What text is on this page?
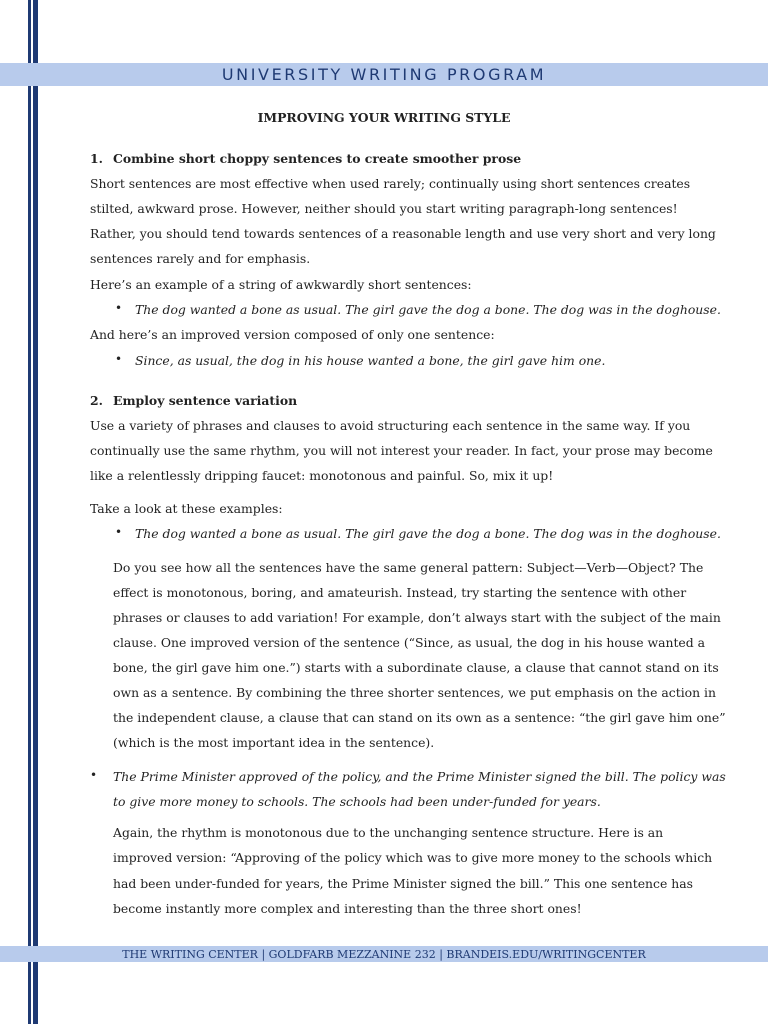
UNIVERSITY WRITING PROGRAM

IMPROVING YOUR WRITING STYLE

1. Combine short choppy sentences to create smoother prose

Short sentences are most effective when used rarely; continually using short sentences creates

stilted, awkward prose. However, neither should you start writing paragraph-long sentences!

Rather, you should tend towards sentences of a reasonable length and use very short and very long

sentences rarely and for emphasis.

Here’s an example of a string of awkwardly short sentences:

• The dog wanted a bone as usual. The girl gave the dog a bone. The dog was in the doghouse.

And here’s an improved version composed of only one sentence:

• Since, as usual, the dog in his house wanted a bone, the girl gave him one.

2. Employ sentence variation

Use a variety of phrases and clauses to avoid structuring each sentence in the same way. If you

continually use the same rhythm, you will not interest your reader. In fact, your prose may become

like a relentlessly dripping faucet: monotonous and painful. So, mix it up!

Take a look at these examples:

• The dog wanted a bone as usual. The girl gave the dog a bone. The dog was in the doghouse.

Do you see how all the sentences have the same general pattern: Subject—Verb—Object? The

effect is monotonous, boring, and amateurish. Instead, try starting the sentence with other

phrases or clauses to add variation! For example, don’t always start with the subject of the main

clause. One improved version of the sentence (“Since, as usual, the dog in his house wanted a

bone, the girl gave him one.”) starts with a subordinate clause, a clause that cannot stand on its

own as a sentence. By combining the three shorter sentences, we put emphasis on the action in

the independent clause, a clause that can stand on its own as a sentence: “the girl gave him one”

(which is the most important idea in the sentence).

• The Prime Minister approved of the policy, and the Prime Minister signed the bill. The policy was

to give more money to schools. The schools had been under-funded for years.

Again, the rhythm is monotonous due to the unchanging sentence structure. Here is an

improved version: “Approving of the policy which was to give more money to the schools which

had been under-funded for years, the Prime Minister signed the bill.” This one sentence has

become instantly more complex and interesting than the three short ones!

THE WRITING CENTER | GOLDFARB MEZZANINE 232 | BRANDEIS.EDU/WRITINGCENTER
